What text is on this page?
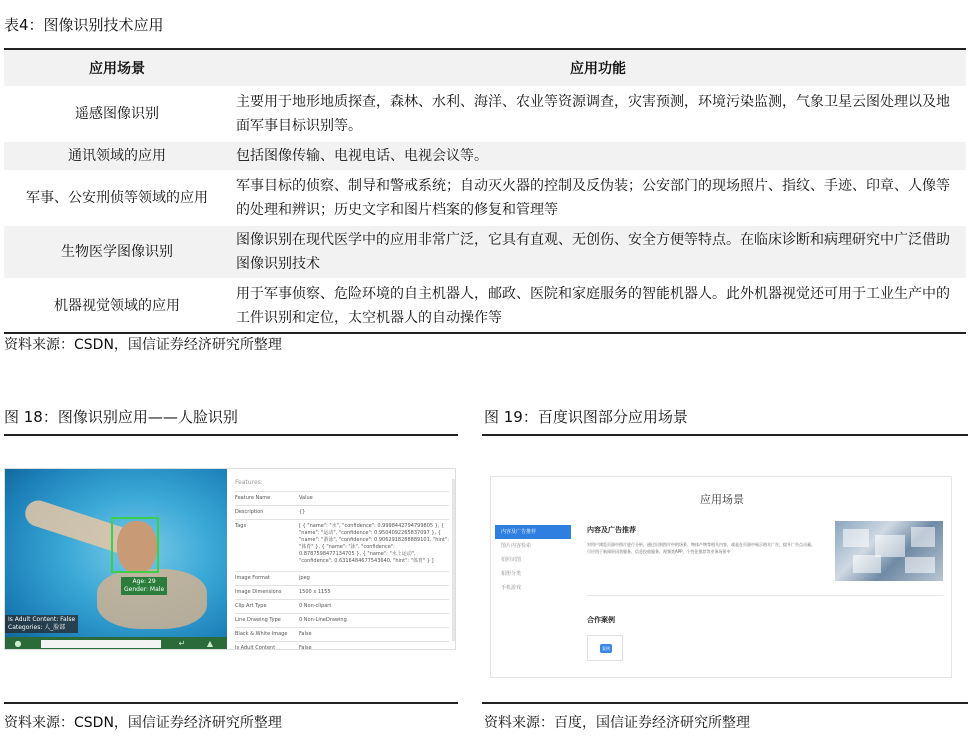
表4：图像识别技术应用
应用场景	应用功能
遥感图像识别	主要用于地形地质探查，森林、水利、海洋、农业等资源调查，灾害预测，环境污染监测，气象卫星云图处理以及地面军事目标识别等。
通讯领域的应用	包括图像传输、电视电话、电视会议等。
军事、公安刑侦等领域的应用	军事目标的侦察、制导和警戒系统；自动灭火器的控制及反伪装；公安部门的现场照片、指纹、手迹、印章、人像等的处理和辨识；历史文字和图片档案的修复和管理等
生物医学图像识别	图像识别在现代医学中的应用非常广泛，它具有直观、无创伤、安全方便等特点。在临床诊断和病理研究中广泛借助图像识别技术
机器视觉领域的应用	用于军事侦察、危险环境的自主机器人，邮政、医院和家庭服务的智能机器人。此外机器视觉还可用于工业生产中的工件识别和定位，太空机器人的自动操作等
资料来源：CSDN，国信证券经济研究所整理
图 18：图像识别应用——人脸识别
Age: 29
Gender: Male
Is Adult Content: False
Categories: 人_脸部
●	↵	▲
Features:
Feature Name	Value
Description	{}
Tags	[ { "name": "水", "confidence": 0.9998442794799805 }, { "name": "运动", "confidence": 0.9504092265837097 }, { "name": "游泳", "confidence": 0.9062918288889101, "hint": "体育" }, { "name": "泳", "confidence": 0.8787598477134705 }, { "name": "水上运动", "confidence": 0.6316484677543640, "hint": "体育" } ]
Image Format	jpeg
Image Dimensions	1500 x 1155
Clip Art Type	0 Non-clipart
Line Drawing Type	0 Non-LineDrawing
Black & White Image False
Is Adult Content	False
资料来源：CSDN，国信证券经济研究所整理
图 19：百度识图部分应用场景
应用场景
内容及广告推荐
图片内容检索
拍照识图
相册分类
手机游戏
内容及广告推荐
对用户浏览页面中图片进行分析，通过识别图片中的场景、物体产物等相关内容，或是在页面中展示相关广告，提升广告点击量。可应用于新闻资讯类服务、信息投放服务、视频类APP、个性化推荐等业务场景中
合作案例
案例
资料来源：百度，国信证券经济研究所整理
